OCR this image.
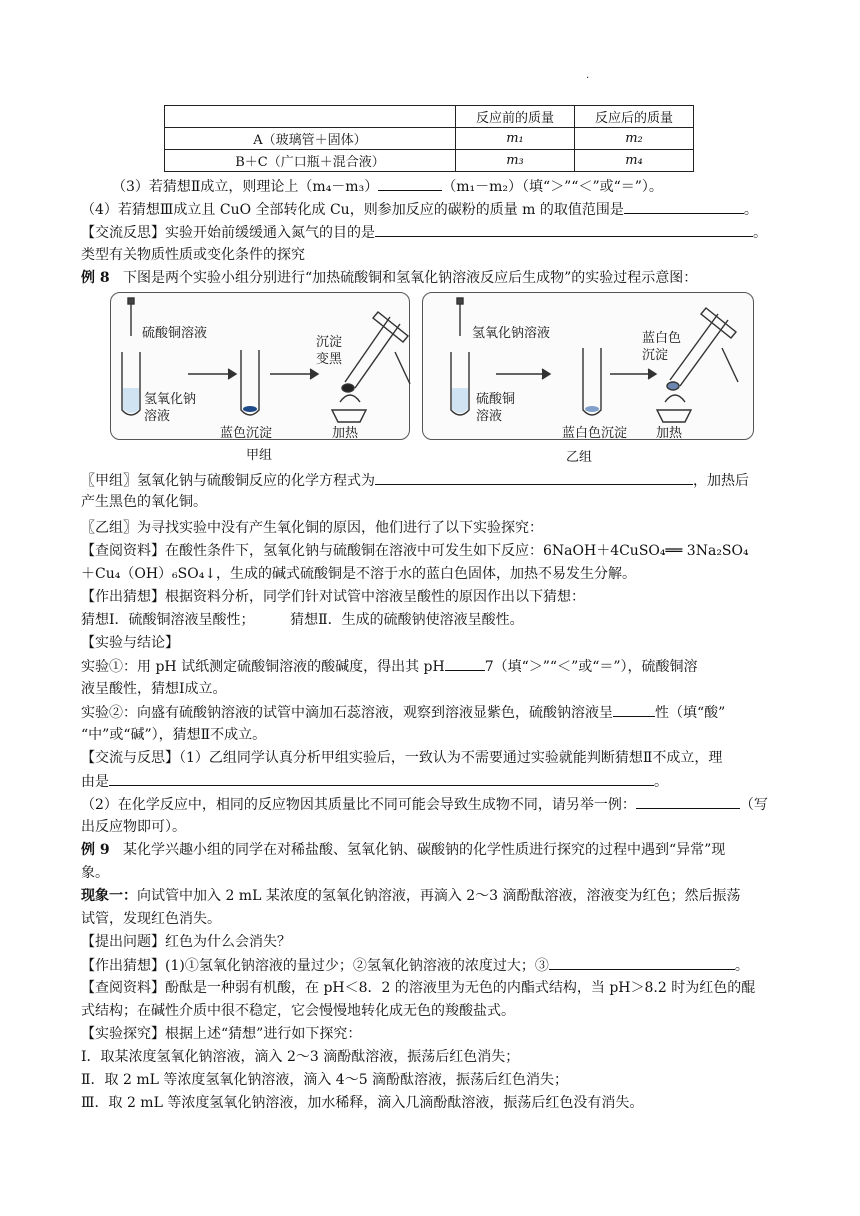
.
	反应前的质量	反应后的质量
A（玻璃管＋固体）	m₁	m₂
B＋C（广口瓶＋混合液）	m₃	m₄
（3）若猜想Ⅱ成立，则理论上（m₄－m₃）	（m₁－m₂）（填“＞”“＜”或“＝”）。
（4）若猜想Ⅲ成立且 CuO 全部转化成 Cu，则参加反应的碳粉的质量 m 的取值范围是	。
【交流反思】实验开始前缓缓通入氮气的目的是	。
类型有关物质性质或变化条件的探究
例 8 下图是两个实验小组分别进行“加热硫酸铜和氢氧化钠溶液反应后生成物”的实验过程示意图：
硫酸铜溶液
氢氧化钠
溶液
蓝色沉淀
沉淀
变黑
加热
甲组
氢氧化钠溶液
硫酸铜
溶液
蓝白色沉淀
蓝白色
沉淀
加热
乙组
〖甲组〗氢氧化钠与硫酸铜反应的化学方程式为	，加热后
产生黑色的氧化铜。
〖乙组〗为寻找实验中没有产生氧化铜的原因，他们进行了以下实验探究：
【查阅资料】在酸性条件下，氢氧化钠与硫酸铜在溶液中可发生如下反应：6NaOH＋4CuSO₄══ 3Na₂SO₄
＋Cu₄（OH）₆SO₄↓，生成的碱式硫酸铜是不溶于水的蓝白色固体，加热不易发生分解。
【作出猜想】根据资料分析，同学们针对试管中溶液呈酸性的原因作出以下猜想：
猜想Ⅰ．硫酸铜溶液呈酸性；	猜想Ⅱ．生成的硫酸钠使溶液呈酸性。
【实验与结论】
实验①：用 pH 试纸测定硫酸铜溶液的酸碱度，得出其 pH	7（填“＞”“＜”或“＝”），硫酸铜溶
液呈酸性，猜想Ⅰ成立。
实验②：向盛有硫酸钠溶液的试管中滴加石蕊溶液，观察到溶液显紫色，硫酸钠溶液呈	性（填“酸”
“中”或“碱”），猜想Ⅱ不成立。
【交流与反思】（1）乙组同学认真分析甲组实验后，一致认为不需要通过实验就能判断猜想Ⅱ不成立，理
由是	。
（2）在化学反应中，相同的反应物因其质量比不同可能会导致生成物不同，请另举一例：	（写
出反应物即可）。
例 9 某化学兴趣小组的同学在对稀盐酸、氢氧化钠、碳酸钠的化学性质进行探究的过程中遇到“异常”现
象。
现象一：向试管中加入 2 mL 某浓度的氢氧化钠溶液，再滴入 2～3 滴酚酞溶液，溶液变为红色；然后振荡
试管，发现红色消失。
【提出问题】红色为什么会消失？
【作出猜想】(1)①氢氧化钠溶液的量过少；②氢氧化钠溶液的浓度过大；③	。
【查阅资料】酚酞是一种弱有机酸，在 pH＜8．2 的溶液里为无色的内酯式结构，当 pH＞8.2 时为红色的醌
式结构；在碱性介质中很不稳定，它会慢慢地转化成无色的羧酸盐式。
【实验探究】根据上述“猜想”进行如下探究：
Ⅰ．取某浓度氢氧化钠溶液，滴入 2～3 滴酚酞溶液，振荡后红色消失；
Ⅱ．取 2 mL 等浓度氢氧化钠溶液，滴入 4～5 滴酚酞溶液，振荡后红色消失；
Ⅲ．取 2 mL 等浓度氢氧化钠溶液，加水稀释，滴入几滴酚酞溶液，振荡后红色没有消失。
